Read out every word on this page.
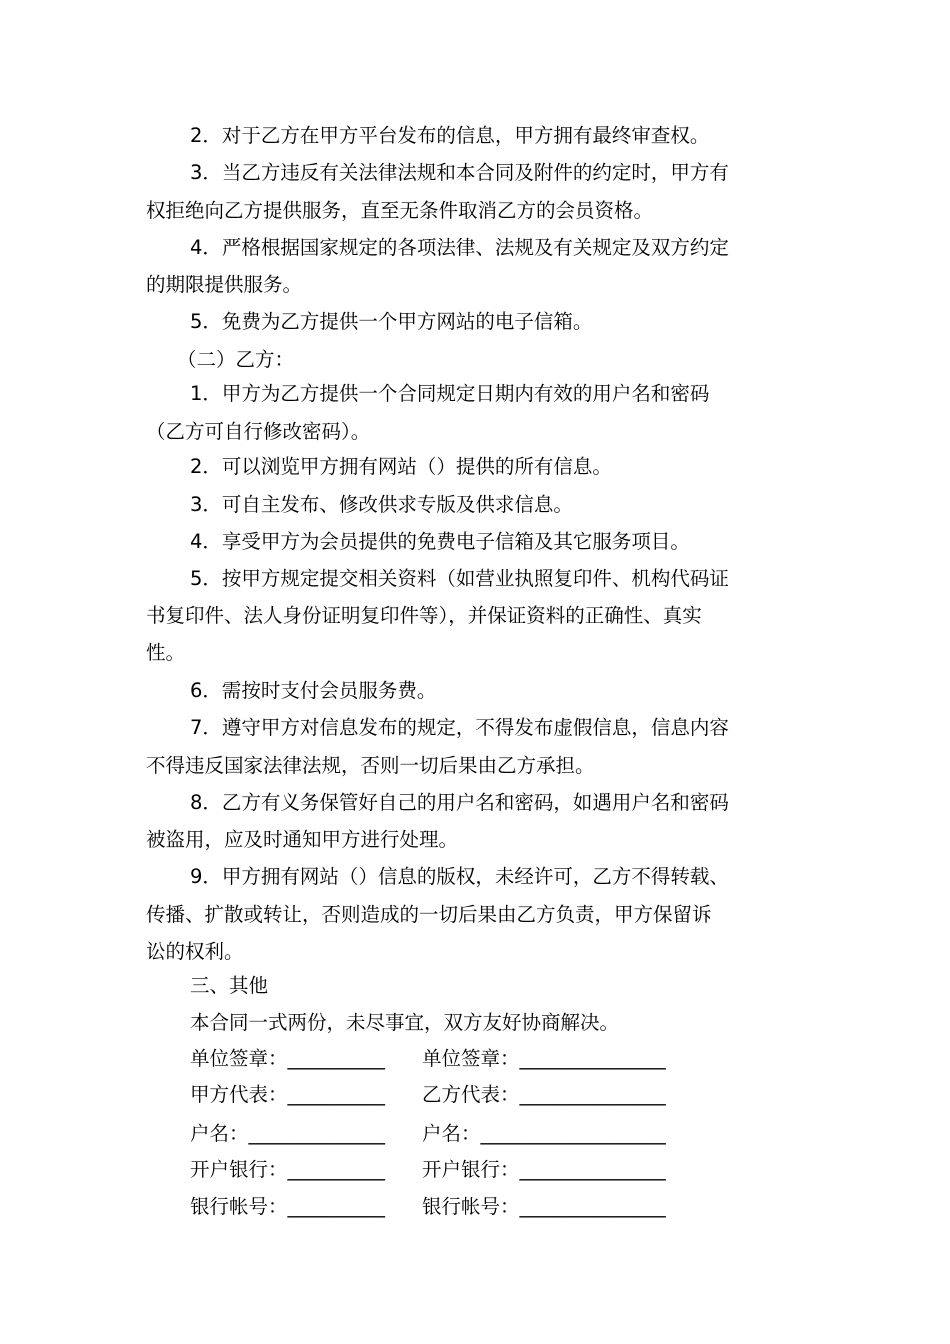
2．对于乙方在甲方平台发布的信息，甲方拥有最终审查权。
3．当乙方违反有关法律法规和本合同及附件的约定时，甲方有
权拒绝向乙方提供服务，直至无条件取消乙方的会员资格。
4．严格根据国家规定的各项法律、法规及有关规定及双方约定
的期限提供服务。
5．免费为乙方提供一个甲方网站的电子信箱。
（二）乙方：
1．甲方为乙方提供一个合同规定日期内有效的用户名和密码
（乙方可自行修改密码）。
2．可以浏览甲方拥有网站（）提供的所有信息。
3．可自主发布、修改供求专版及供求信息。
4．享受甲方为会员提供的免费电子信箱及其它服务项目。
5．按甲方规定提交相关资料（如营业执照复印件、机构代码证
书复印件、法人身份证明复印件等），并保证资料的正确性、真实
性。
6．需按时支付会员服务费。
7．遵守甲方对信息发布的规定，不得发布虚假信息，信息内容
不得违反国家法律法规，否则一切后果由乙方承担。
8．乙方有义务保管好自己的用户名和密码，如遇用户名和密码
被盗用，应及时通知甲方进行处理。
9．甲方拥有网站（）信息的版权，未经许可，乙方不得转载、
传播、扩散或转让，否则造成的一切后果由乙方负责，甲方保留诉
讼的权利。
三、其他
本合同一式两份，未尽事宜，双方友好协商解决。
单位签章：__________ 单位签章：_______________
甲方代表：__________ 乙方代表：_______________
户名：______________ 户名：___________________
开户银行：__________ 开户银行：_______________
银行帐号：__________ 银行帐号：_______________
